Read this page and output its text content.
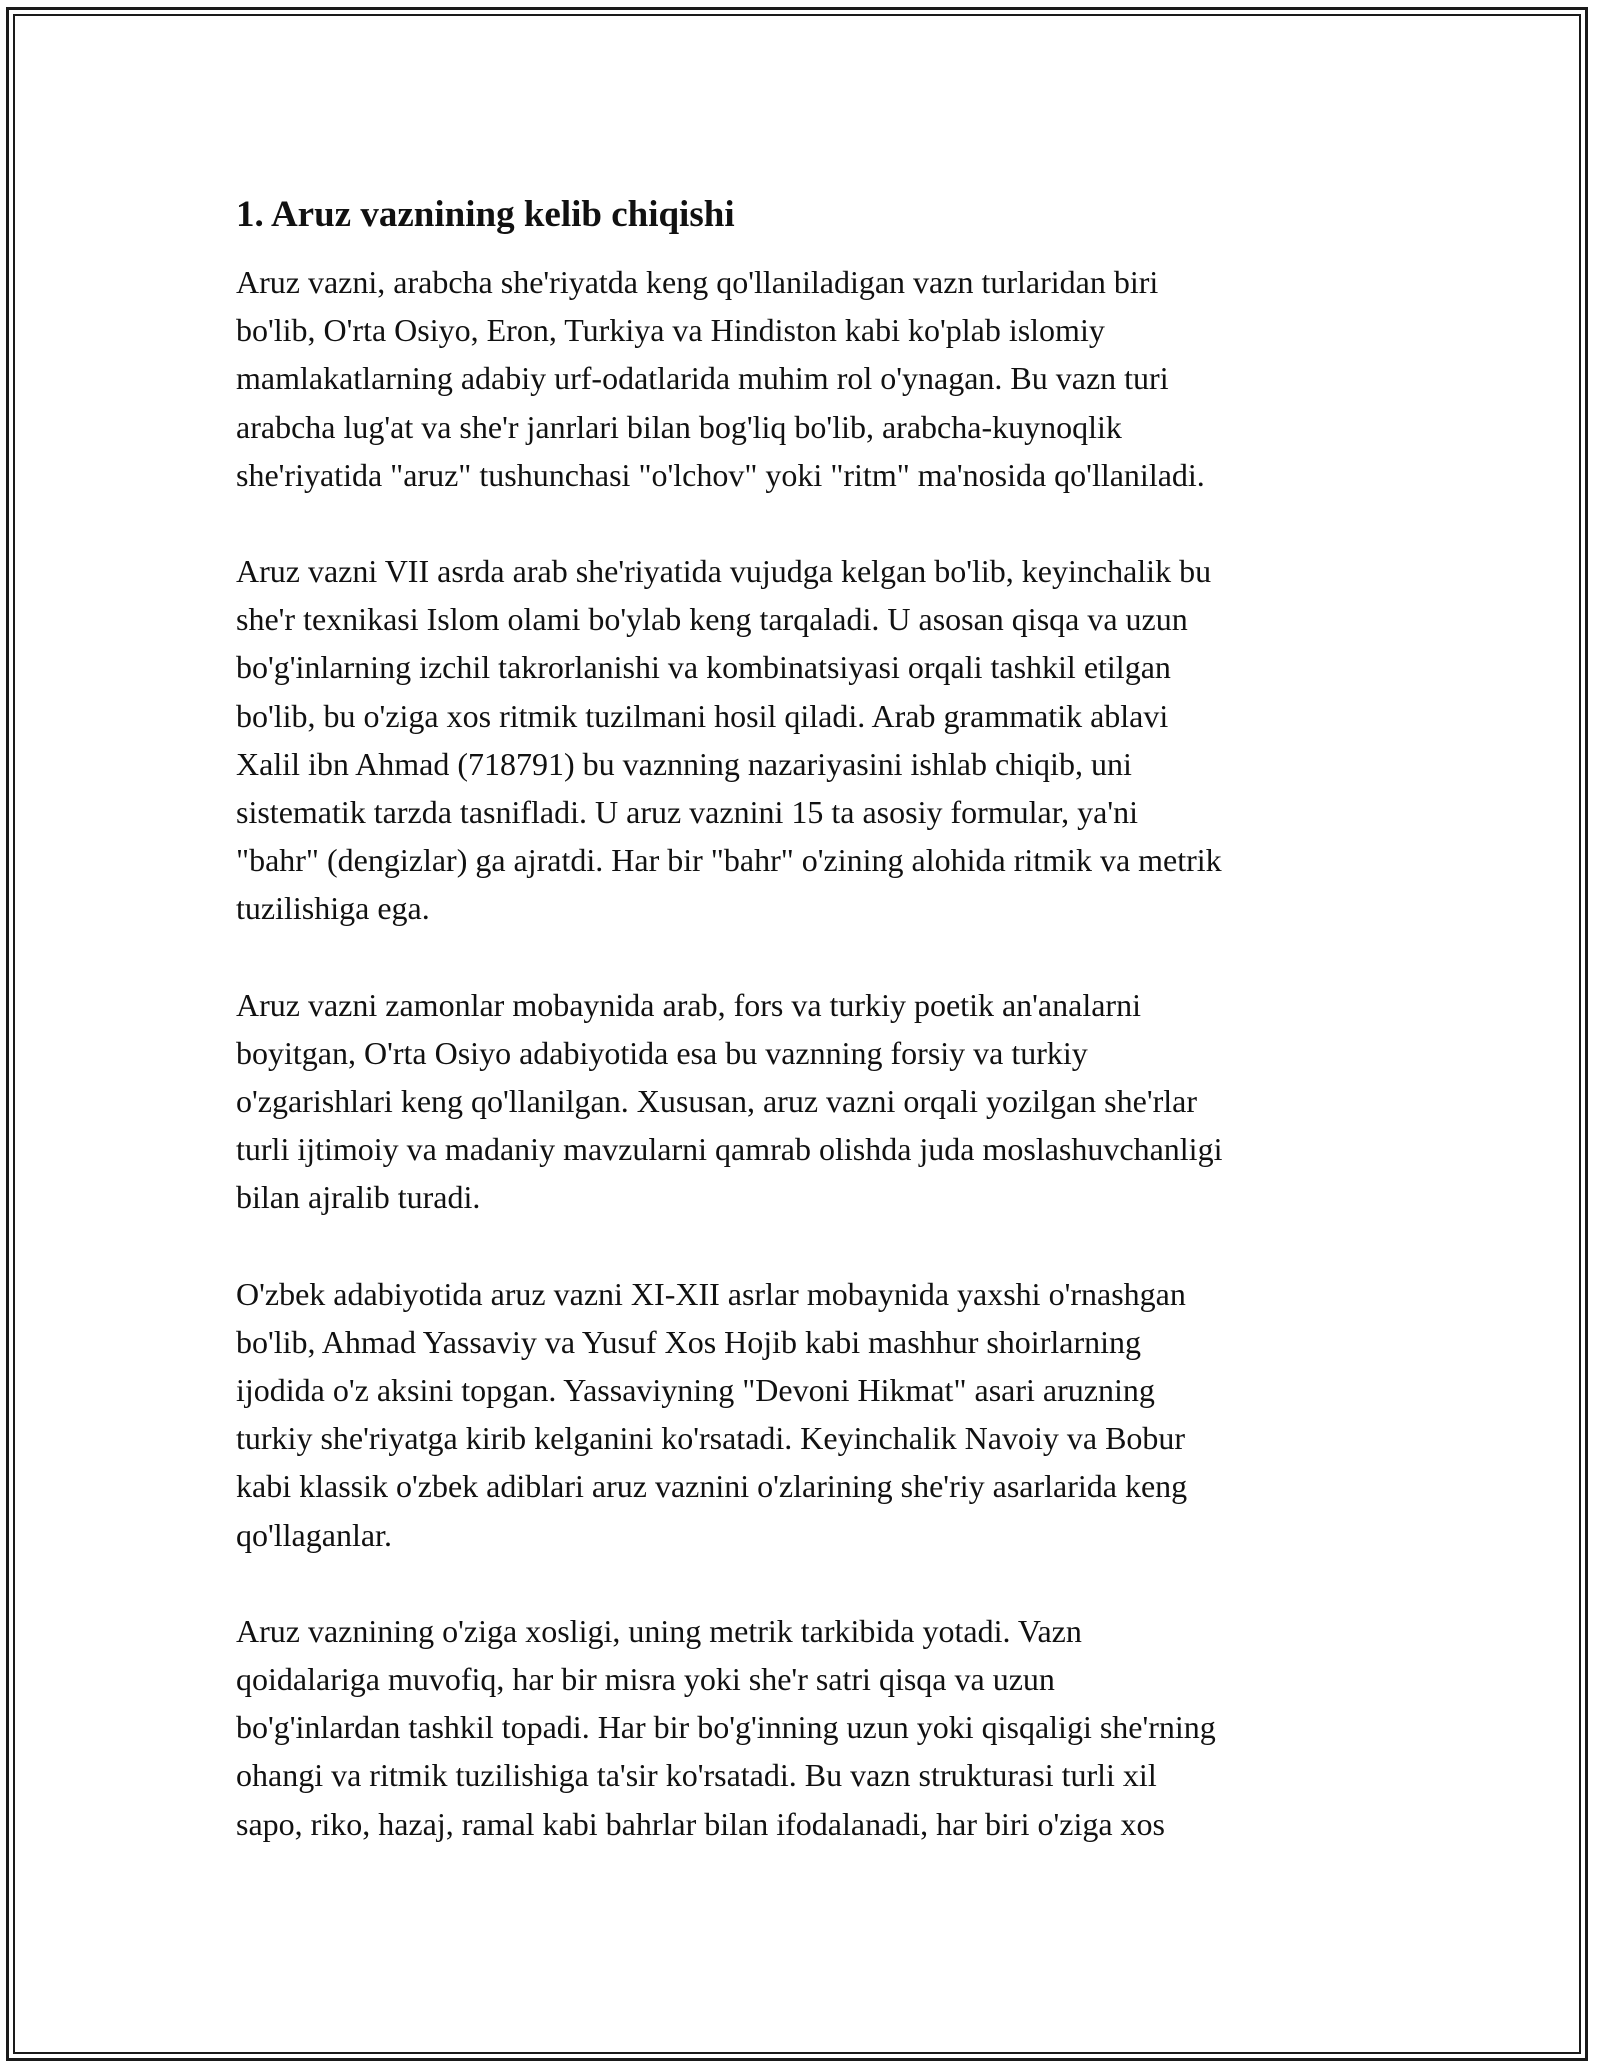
1. Aruz vaznining kelib chiqishi
Aruz vazni, arabcha she'riyatda keng qo'llaniladigan vazn turlaridan biri
bo'lib, O'rta Osiyo, Eron, Turkiya va Hindiston kabi ko'plab islomiy
mamlakatlarning adabiy urf-odatlarida muhim rol o'ynagan. Bu vazn turi
arabcha lug'at va she'r janrlari bilan bog'liq bo'lib, arabcha-kuynoqlik
she'riyatida "aruz" tushunchasi "o'lchov" yoki "ritm" ma'nosida qo'llaniladi.
Aruz vazni VII asrda arab she'riyatida vujudga kelgan bo'lib, keyinchalik bu
she'r texnikasi Islom olami bo'ylab keng tarqaladi. U asosan qisqa va uzun
bo'g'inlarning izchil takrorlanishi va kombinatsiyasi orqali tashkil etilgan
bo'lib, bu o'ziga xos ritmik tuzilmani hosil qiladi. Arab grammatik ablavi
Xalil ibn Ahmad (718791) bu vaznning nazariyasini ishlab chiqib, uni
sistematik tarzda tasnifladi. U aruz vaznini 15 ta asosiy formular, ya'ni
"bahr" (dengizlar) ga ajratdi. Har bir "bahr" o'zining alohida ritmik va metrik
tuzilishiga ega.
Aruz vazni zamonlar mobaynida arab, fors va turkiy poetik an'analarni
boyitgan, O'rta Osiyo adabiyotida esa bu vaznning forsiy va turkiy
o'zgarishlari keng qo'llanilgan. Xususan, aruz vazni orqali yozilgan she'rlar
turli ijtimoiy va madaniy mavzularni qamrab olishda juda moslashuvchanligi
bilan ajralib turadi.
O'zbek adabiyotida aruz vazni XI-XII asrlar mobaynida yaxshi o'rnashgan
bo'lib, Ahmad Yassaviy va Yusuf Xos Hojib kabi mashhur shoirlarning
ijodida o'z aksini topgan. Yassaviyning "Devoni Hikmat" asari aruzning
turkiy she'riyatga kirib kelganini ko'rsatadi. Keyinchalik Navoiy va Bobur
kabi klassik o'zbek adiblari aruz vaznini o'zlarining she'riy asarlarida keng
qo'llaganlar.
Aruz vaznining o'ziga xosligi, uning metrik tarkibida yotadi. Vazn
qoidalariga muvofiq, har bir misra yoki she'r satri qisqa va uzun
bo'g'inlardan tashkil topadi. Har bir bo'g'inning uzun yoki qisqaligi she'rning
ohangi va ritmik tuzilishiga ta'sir ko'rsatadi. Bu vazn strukturasi turli xil
sapo, riko, hazaj, ramal kabi bahrlar bilan ifodalanadi, har biri o'ziga xos
